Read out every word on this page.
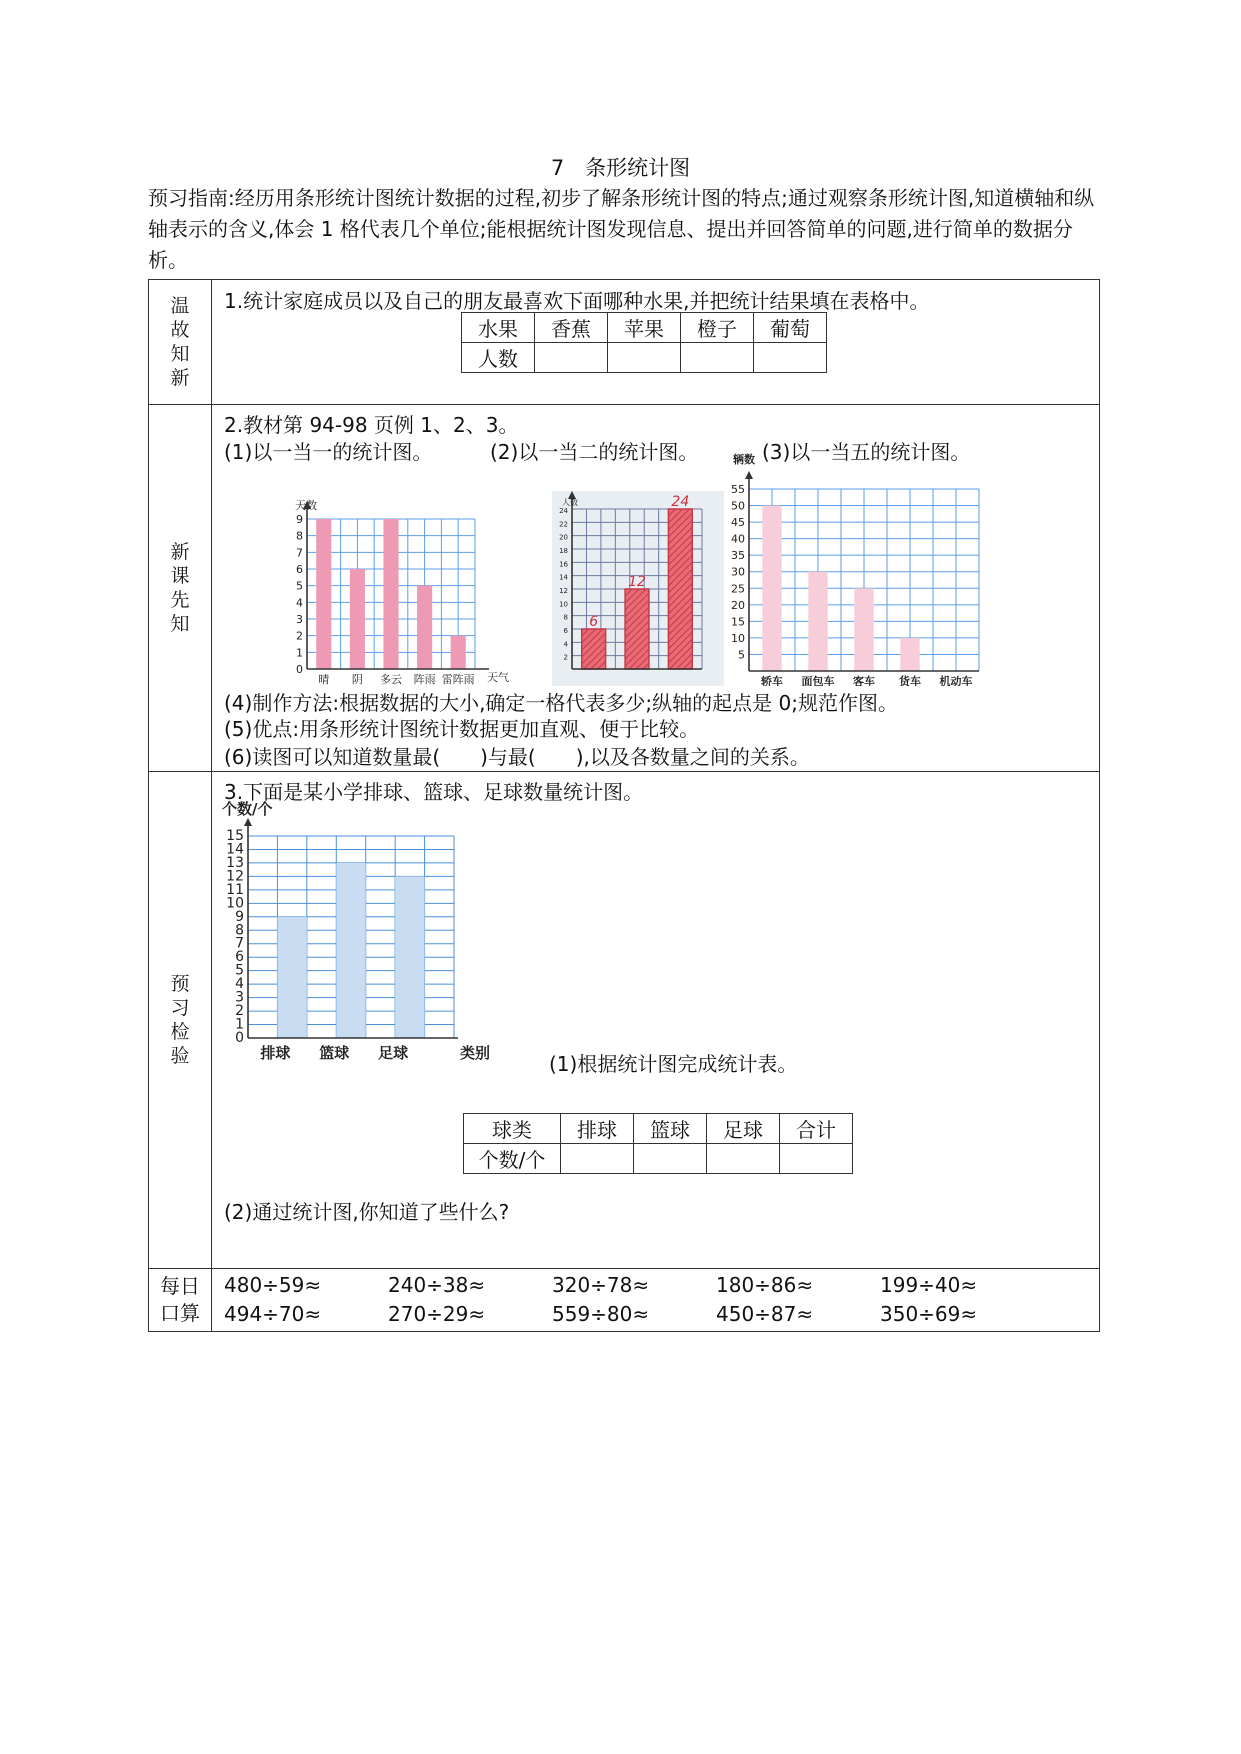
7　条形统计图
预习指南:经历用条形统计图统计数据的过程,初步了解条形统计图的特点;通过观察条形统计图,知道横轴和纵轴表示的含义,体会 1 格代表几个单位;能根据统计图发现信息、提出并回答简单的问题,进行简单的数据分析。
温故知新

1.统计家庭成员以及自己的朋友最喜欢下面哪种水果,并把统计结果填在表格中。
水果	香蕉	苹果	橙子	葡萄
人数				

新课先知

2.教材第 94-98 页例 1、2、3。
(1)以一当一的统计图。	(2)以一当二的统计图。	(3)以一当五的统计图。
0
1
2
3
4
5
6
7
8
9
晴 阴 多云 阵雨 雷阵雨
天数
天气
6
12
24
2
4
6
8
10
12
14
16
18
20
22
24
人数
5
10
15
20
25
30
35
40
45
50
55
轿车 面包车 客车 货车 机动车
辆数
(4)制作方法:根据数据的大小,确定一格代表多少;纵轴的起点是 0;规范作图。
(5)优点:用条形统计图统计数据更加直观、便于比较。
(6)读图可以知道数量最(　　)与最(　　),以及各数量之间的关系。

预习检验

3.下面是某小学排球、篮球、足球数量统计图。
0
1
2
3
4
5
6
7
8
9
10
11
12
13
14
15
排球 篮球 足球
个数/个
类别	(1)根据统计图完成统计表。
球类	排球	篮球	足球	合计
个数/个				
(2)通过统计图,你知道了些什么?

每日口算

480÷59≈	240÷38≈	320÷78≈	180÷86≈	199÷40≈
494÷70≈	270÷29≈	559÷80≈	450÷87≈	350÷69≈
